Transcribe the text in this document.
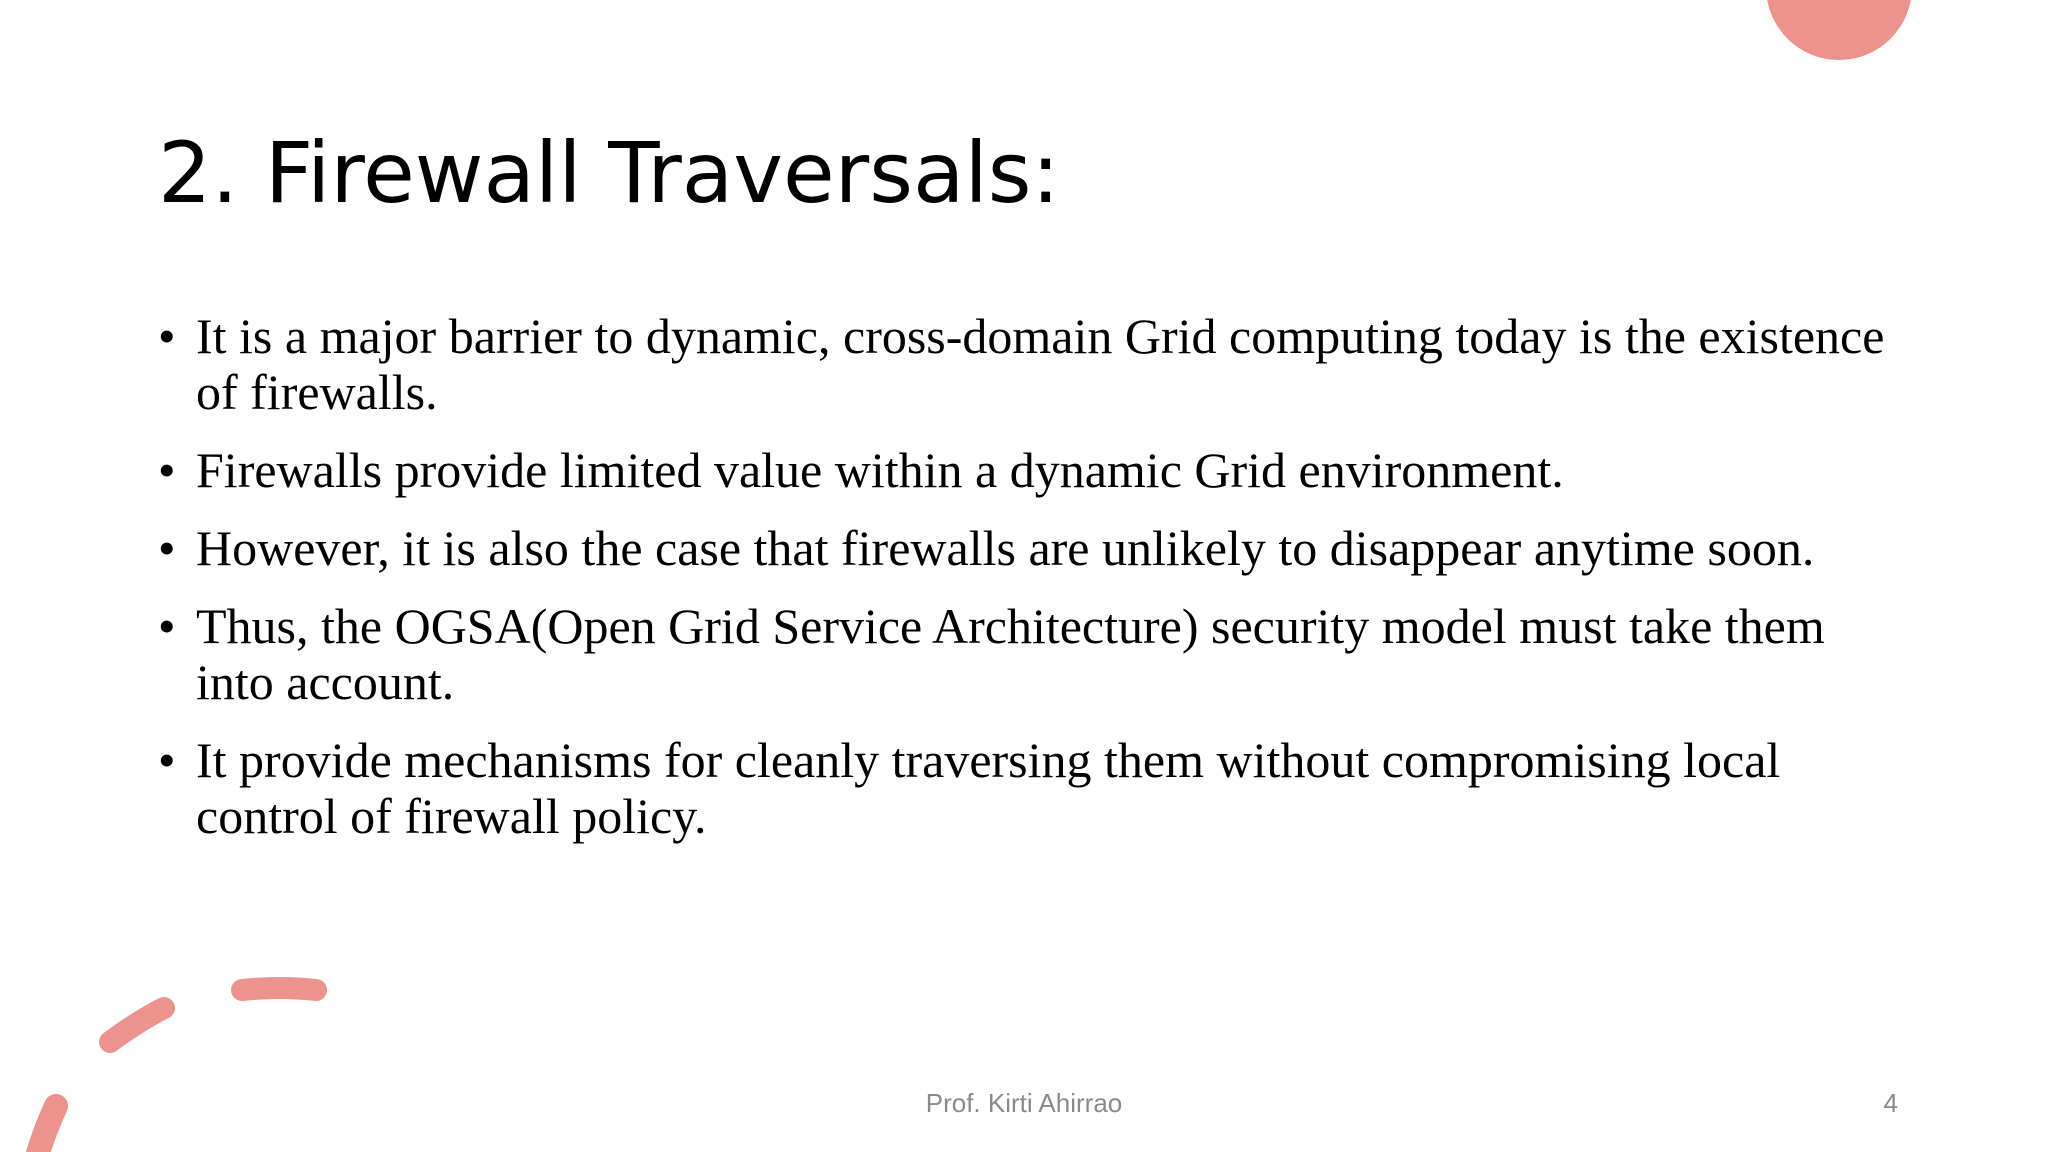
2. Firewall Traversals:
• It is a major barrier to dynamic, cross-domain Grid computing today is the existence of firewalls.
• Firewalls provide limited value within a dynamic Grid environment.
• However, it is also the case that firewalls are unlikely to disappear anytime soon.
• Thus, the OGSA(Open Grid Service Architecture) security model must take them into account.
• It provide mechanisms for cleanly traversing them without compromising local control of firewall policy.
Prof. Kirti Ahirrao	4
